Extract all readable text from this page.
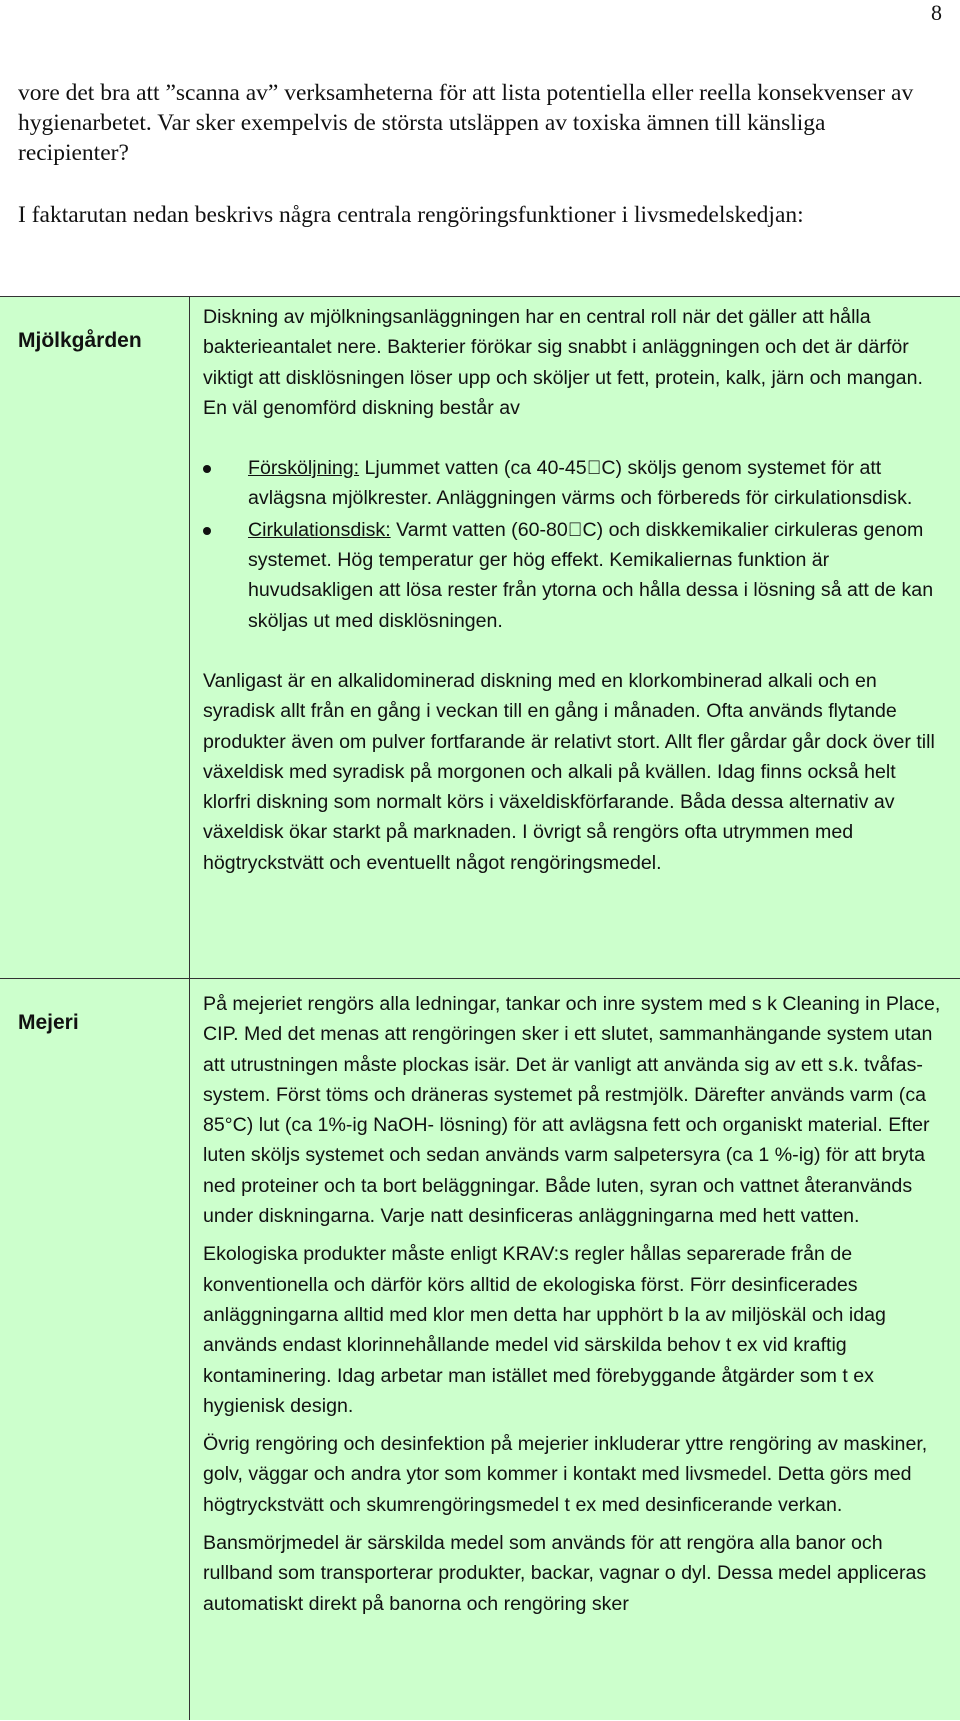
8

vore det bra att ”scanna av” verksamheterna för att lista potentiella eller reella konsekvenser av hygienarbetet. Var sker exempelvis de största utsläppen av toxiska ämnen till känsliga recipienter?

I faktarutan nedan beskrivs några centrala rengöringsfunktioner i livsmedelskedjan:

Mjölkgården

Diskning av mjölkningsanläggningen har en central roll när det gäller att hålla bakterieantalet nere. Bakterier förökar sig snabbt i anläggningen och det är därför viktigt att disklösningen löser upp och sköljer ut fett, protein, kalk, järn och mangan. En väl genomförd diskning består av

Försköljning: Ljummet vatten (ca 40-45 C) sköljs genom systemet för att avlägsna mjölkrester. Anläggningen värms och förbereds för cirkulationsdisk.
Cirkulationsdisk: Varmt vatten (60-80 C) och diskkemikalier cirkuleras genom systemet. Hög temperatur ger hög effekt. Kemikaliernas funktion är huvudsakligen att lösa rester från ytorna och hålla dessa i lösning så att de kan sköljas ut med disklösningen.

Vanligast är en alkalidominerad diskning med en klorkombinerad alkali och en syradisk allt från en gång i veckan till en gång i månaden. Ofta används flytande produkter även om pulver fortfarande är relativt stort. Allt fler gårdar går dock över till växeldisk med syradisk på morgonen och alkali på kvällen. Idag finns också helt klorfri diskning som normalt körs i växeldiskförfarande. Båda dessa alternativ av växeldisk ökar starkt på marknaden. I övrigt så rengörs ofta utrymmen med högtryckstvätt och eventuellt något rengöringsmedel.

Mejeri

På mejeriet rengörs alla ledningar, tankar och inre system med s k Cleaning in Place, CIP. Med det menas att rengöringen sker i ett slutet, sammanhängande system utan att utrustningen måste plockas isär. Det är vanligt att använda sig av ett s.k. tvåfas-system. Först töms och dräneras systemet på restmjölk. Därefter används varm (ca 85°C) lut (ca 1%-ig NaOH- lösning) för att avlägsna fett och organiskt material. Efter luten sköljs systemet och sedan används varm salpetersyra (ca 1 %-ig) för att bryta ned proteiner och ta bort beläggningar. Både luten, syran och vattnet återanvänds under diskningarna. Varje natt desinficeras anläggningarna med hett vatten.

Ekologiska produkter måste enligt KRAV:s regler hållas separerade från de konventionella och därför körs alltid de ekologiska först. Förr desinficerades anläggningarna alltid med klor men detta har upphört b la av miljöskäl och idag används endast klorinnehållande medel vid särskilda behov t ex vid kraftig kontaminering. Idag arbetar man istället med förebyggande åtgärder som t ex hygienisk design.

Övrig rengöring och desinfektion på mejerier inkluderar yttre rengöring av maskiner, golv, väggar och andra ytor som kommer i kontakt med livsmedel. Detta görs med högtryckstvätt och skumrengöringsmedel t ex med desinficerande verkan.

Bansmörjmedel är särskilda medel som används för att rengöra alla banor och rullband som transporterar produkter, backar, vagnar o dyl. Dessa medel appliceras automatiskt direkt på banorna och rengöring sker
